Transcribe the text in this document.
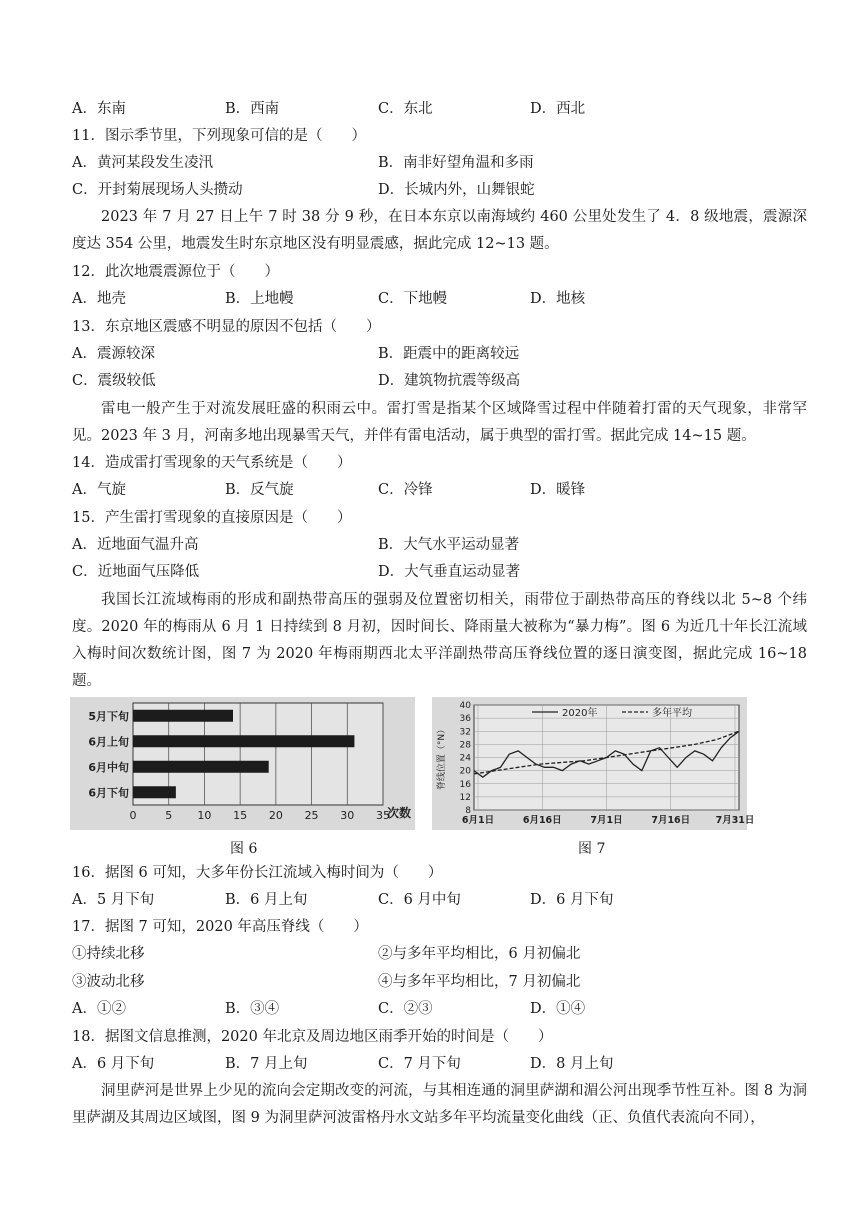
A．东南	B．西南	C．东北	D．西北
11．图示季节里，下列现象可信的是（　　）
A．黄河某段发生凌汛	B．南非好望角温和多雨
C．开封菊展现场人头攒动	D．长城内外，山舞银蛇
2023 年 7 月 27 日上午 7 时 38 分 9 秒，在日本东京以南海域约 460 公里处发生了 4．8 级地震，震源深度达 354 公里，地震发生时东京地区没有明显震感，据此完成 12~13 题。
12．此次地震震源位于（　　）
A．地壳	B．上地幔	C．下地幔	D．地核
13．东京地区震感不明显的原因不包括（　　）
A．震源较深	B．距震中的距离较远
C．震级较低	D．建筑物抗震等级高
雷电一般产生于对流发展旺盛的积雨云中。雷打雪是指某个区域降雪过程中伴随着打雷的天气现象，非常罕见。2023 年 3 月，河南多地出现暴雪天气，并伴有雷电活动，属于典型的雷打雪。据此完成 14~15 题。
14．造成雷打雪现象的天气系统是（　　）
A．气旋	B．反气旋	C．冷锋	D．暖锋
15．产生雷打雪现象的直接原因是（　　）
A．近地面气温升高	B．大气水平运动显著
C．近地面气压降低	D．大气垂直运动显著
我国长江流域梅雨的形成和副热带高压的强弱及位置密切相关，雨带位于副热带高压的脊线以北 5~8 个纬度。2020 年的梅雨从 6 月 1 日持续到 8 月初，因时间长、降雨量大被称为“暴力梅”。图 6 为近几十年长江流域入梅时间次数统计图，图 7 为 2020 年梅雨期西北太平洋副热带高压脊线位置的逐日演变图，据此完成 16~18 题。
0	5 10 15 20 25 30 35
5月下旬
6月上旬
6月中旬
6月下旬
次数
图 6
8
12
16
20
24
28
32
36
40
6月1日	6月16日	7月1日	7月16日	7月31日
脊线位置（°N）
2020年	多年平均
图 7
16．据图 6 可知，大多年份长江流域入梅时间为（　　）
A．5 月下旬	B．6 月上旬	C．6 月中旬	D．6 月下旬
17．据图 7 可知，2020 年高压脊线（　　）
①持续北移	②与多年平均相比，6 月初偏北
③波动北移	④与多年平均相比，7 月初偏北
A．①②	B．③④	C．②③	D．①④
18．据图文信息推测，2020 年北京及周边地区雨季开始的时间是（　　）
A．6 月下旬	B．7 月上旬	C．7 月下旬	D．8 月上旬
洞里萨河是世界上少见的流向会定期改变的河流，与其相连通的洞里萨湖和湄公河出现季节性互补。图 8 为洞里萨湖及其周边区域图，图 9 为洞里萨河波雷格丹水文站多年平均流量变化曲线（正、负值代表流向不同），
